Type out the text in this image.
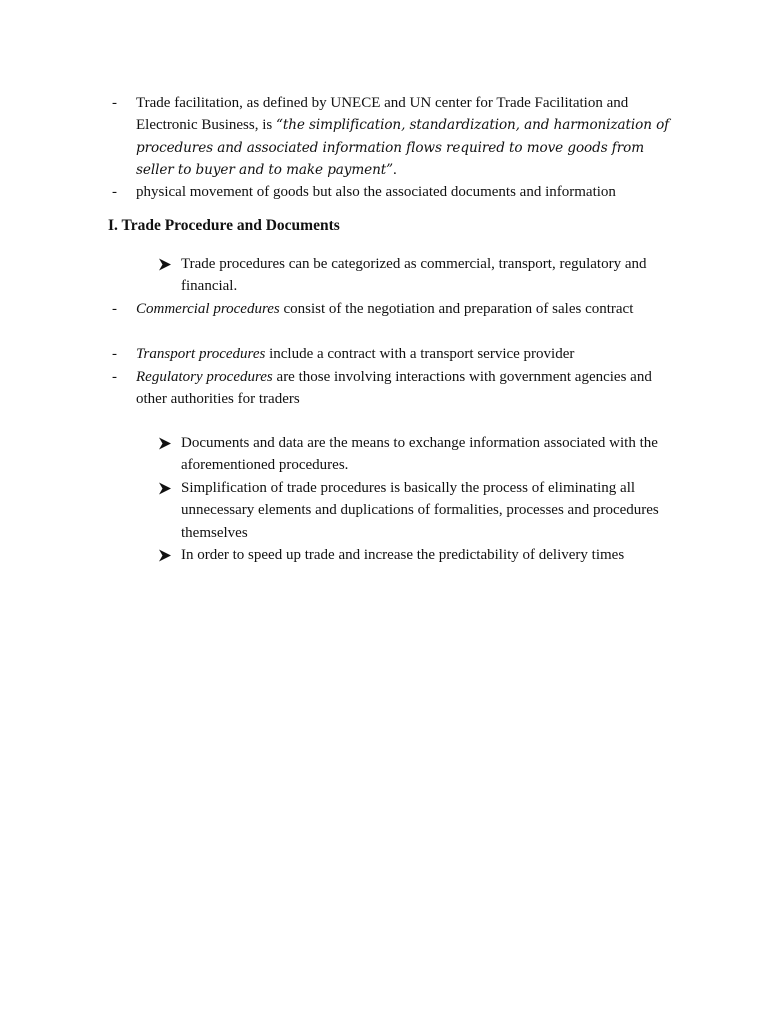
- Trade facilitation, as defined by UNECE and UN center for Trade Facilitation and Electronic Business, is “the simplification, standardization, and harmonization of procedures and associated information flows required to move goods from seller to buyer and to make payment”.
- physical movement of goods but also the associated documents and information
I. Trade Procedure and Documents
Trade procedures can be categorized as commercial, transport, regulatory and financial.
- Commercial procedures consist of the negotiation and preparation of sales contract
- Transport procedures include a contract with a transport service provider
- Regulatory procedures are those involving interactions with government agencies and other authorities for traders
Documents and data are the means to exchange information associated with the aforementioned procedures.
Simplification of trade procedures is basically the process of eliminating all unnecessary elements and duplications of formalities, processes and procedures themselves
In order to speed up trade and increase the predictability of delivery times
